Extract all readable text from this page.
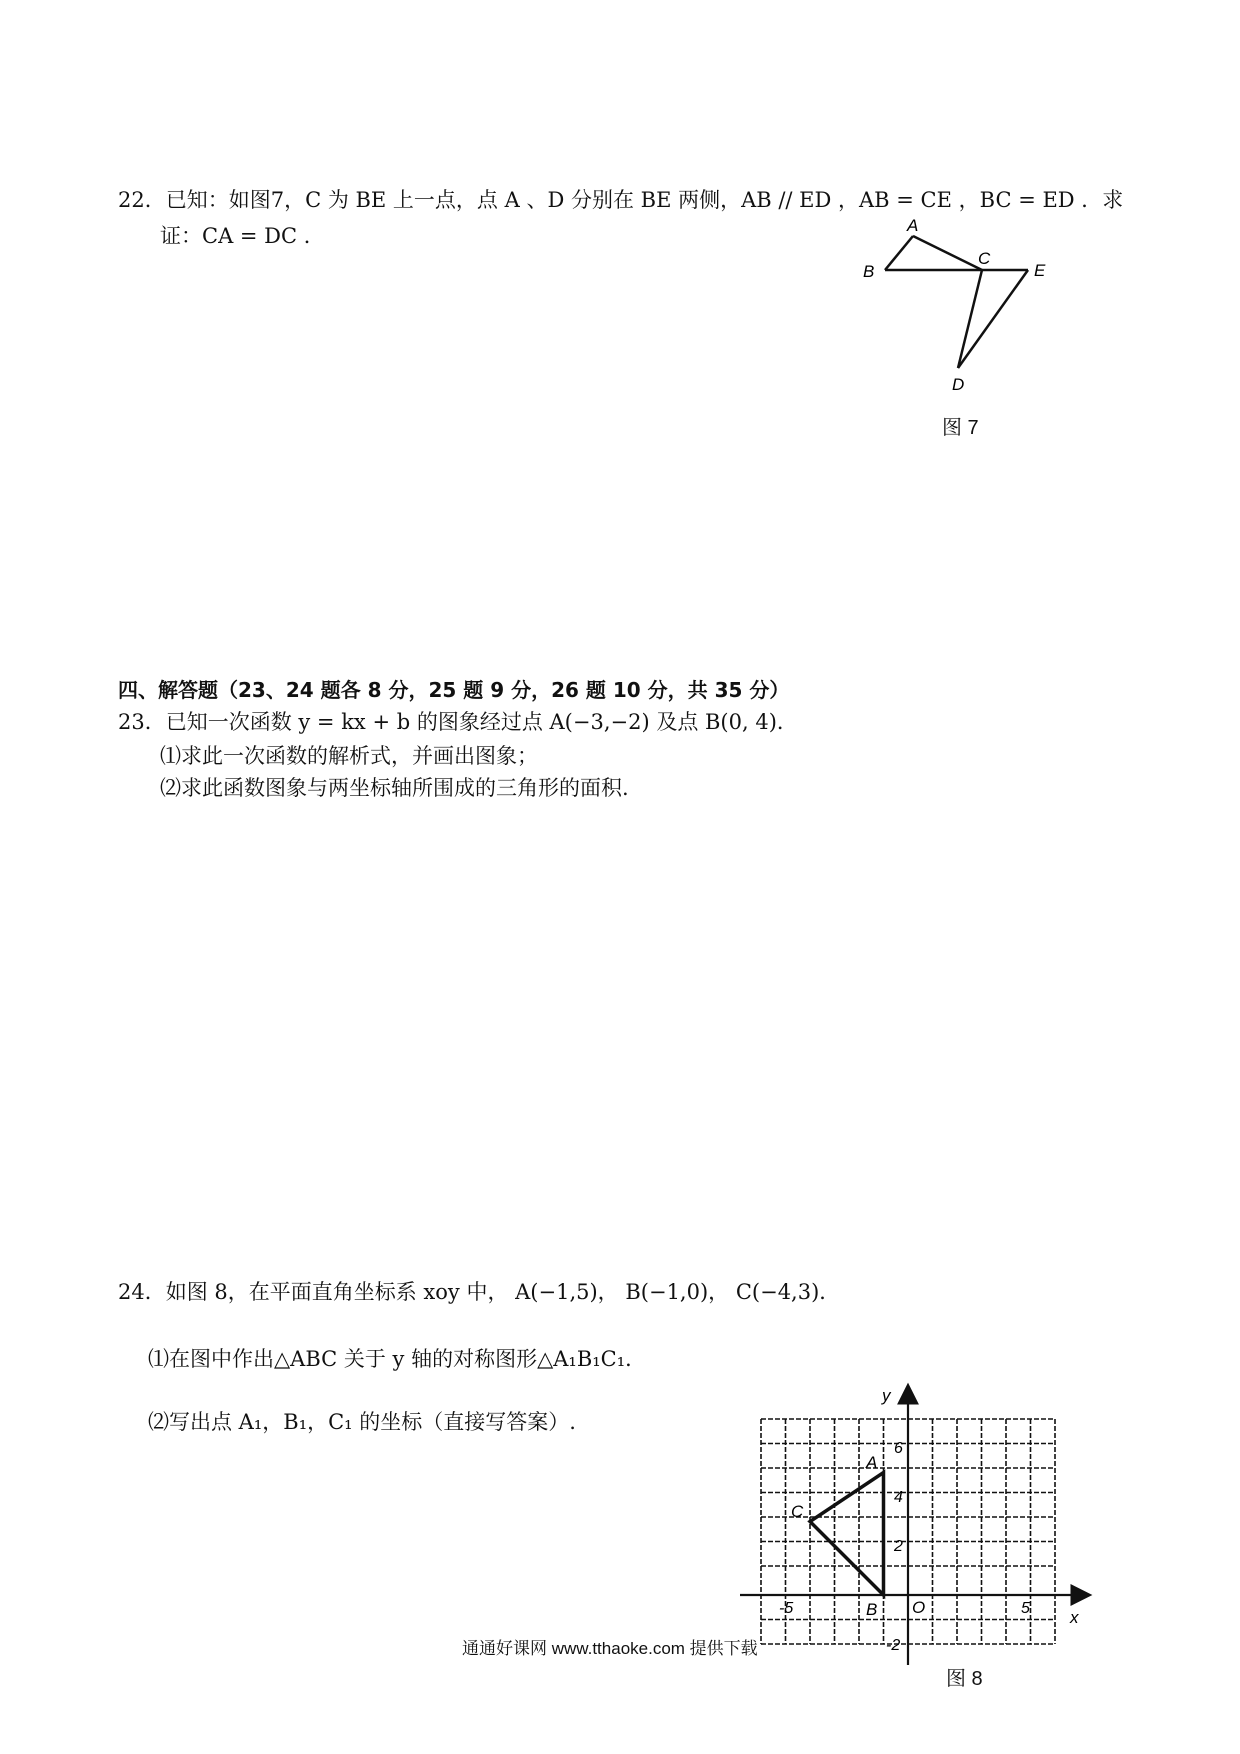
22．已知：如图7，C 为 BE 上一点，点 A 、D 分别在 BE 两侧，AB // ED ，AB = CE ，BC = ED ．求
证：CA = DC ．	A
B
C
E
D
图 7
四、解答题（23、24 题各 8 分，25 题 9 分，26 题 10 分，共 35 分）
23．已知一次函数 y = kx + b 的图象经过点 A(−3,−2) 及点 B(0, 4)．
⑴求此一次函数的解析式，并画出图象；
⑵求此函数图象与两坐标轴所围成的三角形的面积.
24．如图 8，在平面直角坐标系 xoy 中， A(−1,5)， B(−1,0)， C(−4,3)．
⑴在图中作出△ABC 关于 y 轴的对称图形△A₁B₁C₁．
⑵写出点 A₁，B₁，C₁ 的坐标（直接写答案）.
y
x
O
-5	5
2
4
6
-2
A
B
C
图 8
通通好课网 www.tthaoke.com 提供下载
